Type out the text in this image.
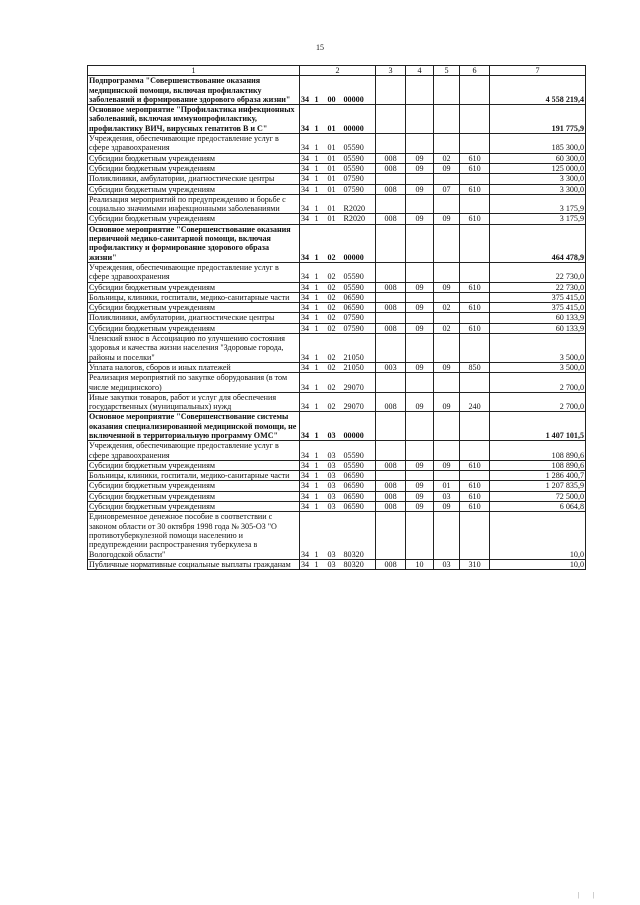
15
1	2				3	4	5	6	7
Подпрограмма "Совершенствование оказания медицинской помощи, включая профилактику заболеваний и формирование здорового образа жизни"	34	1	00	00000					4 558 219,4
Основное мероприятие "Профилактика инфекционных заболеваний, включая иммунопрофилактику, профилактику ВИЧ, вирусных гепатитов В и С"	34	1	01	00000					191 775,9
Учреждения, обеспечивающие предоставление услуг в сфере здравоохранения	34	1	01	05590					185 300,0
Субсидии бюджетным учреждениям	34	1	01	05590	008	09	02	610	60 300,0
Субсидии бюджетным учреждениям	34	1	01	05590	008	09	09	610	125 000,0
Поликлиники, амбулатории, диагностические центры	34	1	01	07590					3 300,0
Субсидии бюджетным учреждениям	34	1	01	07590	008	09	07	610	3 300,0
Реализация мероприятий по предупреждению и борьбе с социально значимыми инфекционными заболеваниями	34	1	01	R2020					3 175,9
Субсидии бюджетным учреждениям	34	1	01	R2020	008	09	09	610	3 175,9
Основное мероприятие "Совершенствование оказания первичной медико-санитарной помощи, включая профилактику и формирование здорового образа жизни"	34	1	02	00000					464 478,9
Учреждения, обеспечивающие предоставление услуг в сфере здравоохранения	34	1	02	05590					22 730,0
Субсидии бюджетным учреждениям	34	1	02	05590	008	09	09	610	22 730,0
Больницы, клиники, госпитали, медико-санитарные части	34	1	02	06590					375 415,0
Субсидии бюджетным учреждениям	34	1	02	06590	008	09	02	610	375 415,0
Поликлиники, амбулатории, диагностические центры	34	1	02	07590					60 133,9
Субсидии бюджетным учреждениям	34	1	02	07590	008	09	02	610	60 133,9
Членский взнос в Ассоциацию по улучшению состояния здоровья и качества жизни населения "Здоровые города, районы и поселки"	34	1	02	21050					3 500,0
Уплата налогов, сборов и иных платежей	34	1	02	21050	003	09	09	850	3 500,0
Реализация мероприятий по закупке оборудования (в том числе медицинского)	34	1	02	29070					2 700,0
Иные закупки товаров, работ и услуг для обеспечения государственных (муниципальных) нужд	34	1	02	29070	008	09	09	240	2 700,0
Основное мероприятие "Совершенствование системы оказания специализированной медицинской помощи, не включенной в территориальную программу ОМС"	34	1	03	00000					1 407 101,5
Учреждения, обеспечивающие предоставление услуг в сфере здравоохранения	34	1	03	05590					108 890,6
Субсидии бюджетным учреждениям	34	1	03	05590	008	09	09	610	108 890,6
Больницы, клиники, госпитали, медико-санитарные части	34	1	03	06590					1 286 400,7
Субсидии бюджетным учреждениям	34	1	03	06590	008	09	01	610	1 207 835,9
Субсидии бюджетным учреждениям	34	1	03	06590	008	09	03	610	72 500,0
Субсидии бюджетным учреждениям	34	1	03	06590	008	09	09	610	6 064,8
Единовременное денежное пособие в соответствии с законом области от 30 октября 1998 года № 305-ОЗ "О противотуберкулезной помощи населению и предупреждении распространения туберкулеза в Вологодской области"	34	1	03	80320					10,0
Публичные нормативные социальные выплаты гражданам	34	1	03	80320	008	10	03	310	10,0
| |
